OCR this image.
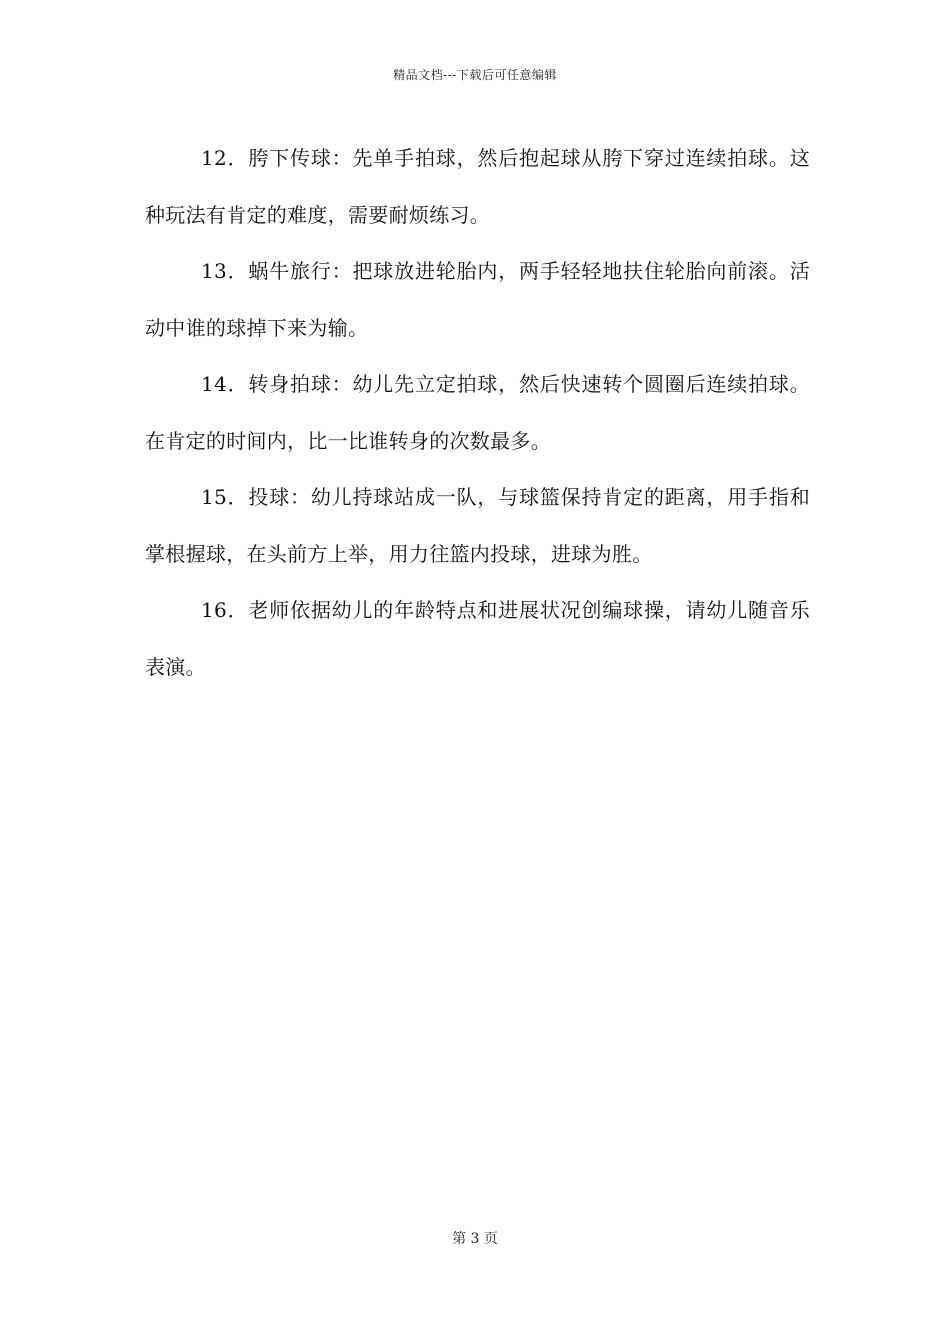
精品文档---下载后可任意编辑

12．胯下传球：先单手拍球，然后抱起球从胯下穿过连续拍球。这种玩法有肯定的难度，需要耐烦练习。

13．蜗牛旅行：把球放进轮胎内，两手轻轻地扶住轮胎向前滚。活动中谁的球掉下来为输。

14．转身拍球：幼儿先立定拍球，然后快速转个圆圈后连续拍球。在肯定的时间内，比一比谁转身的次数最多。

15．投球：幼儿持球站成一队，与球篮保持肯定的距离，用手指和掌根握球，在头前方上举，用力往篮内投球，进球为胜。

16．老师依据幼儿的年龄特点和进展状况创编球操，请幼儿随音乐表演。

第 3 页
